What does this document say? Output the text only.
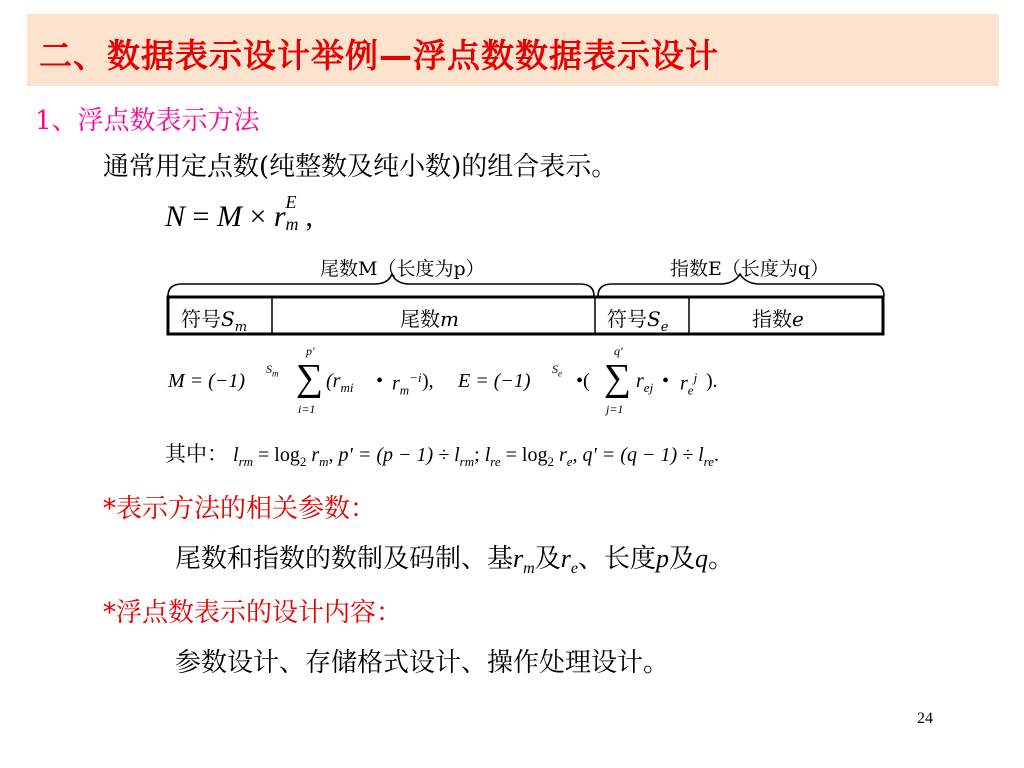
二、数据表示设计举例—浮点数数据表示设计
1、浮点数表示方法
通常用定点数(纯整数及纯小数)的组合表示。
N = M × r E
m ,
尾数M（长度为p）	指数E（长度为q）
符号$S_m$	尾数m	符号$S_e$	指数e
M = (−1)
$S_m$
p'
∑
i=1
($r_{mi}$ • $r_m^{-i}$ ), E = (−1)
$S_e$ •(
q'
∑
j=1
$r_{ej}$ • $r_e^j$ ).
其中： $l_{rm} = \log_2 r_m$, $p' = (p - 1) \div l_{rm}$; $l_{re} = \log_2 r_e$, $q' = (q - 1) \div l_{re}$.
*表示方法的相关参数：
尾数和指数的数制及码制、基$r_m$及$r_e$、长度p及q。
*浮点数表示的设计内容：
参数设计、存储格式设计、操作处理设计。
24
